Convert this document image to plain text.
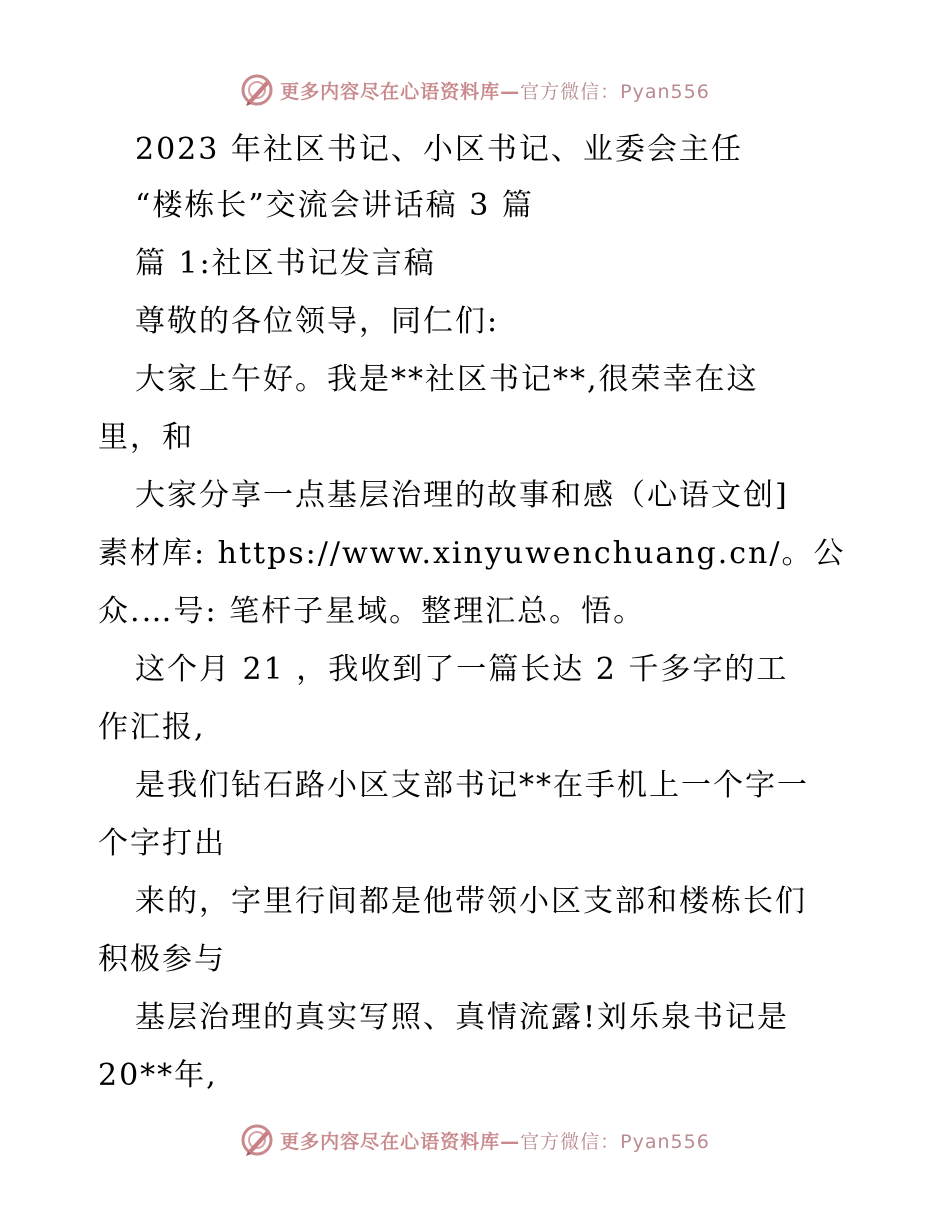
更多内容尽在心语资料库—官方微信：Pyan556
2023 年社区书记、小区书记、业委会主任
“楼栋长”交流会讲话稿 3 篇
篇 1:社区书记发言稿
尊敬的各位领导，同仁们:
大家上午好。我是**社区书记**,很荣幸在这
里，和
大家分享一点基层治理的故事和感（心语文创]
素材库: https://www.xinyuwenchuang.cn/。公
众.…号: 笔杆子星域。整理汇总。悟。
这个月 21 ，我收到了一篇长达 2 千多字的工
作汇报,
是我们钻石路小区支部书记**在手机上一个字一
个字打出
来的，字里行间都是他带领小区支部和楼栋长们
积极参与
基层治理的真实写照、真情流露!刘乐泉书记是
20**年,
更多内容尽在心语资料库—官方微信：Pyan556
